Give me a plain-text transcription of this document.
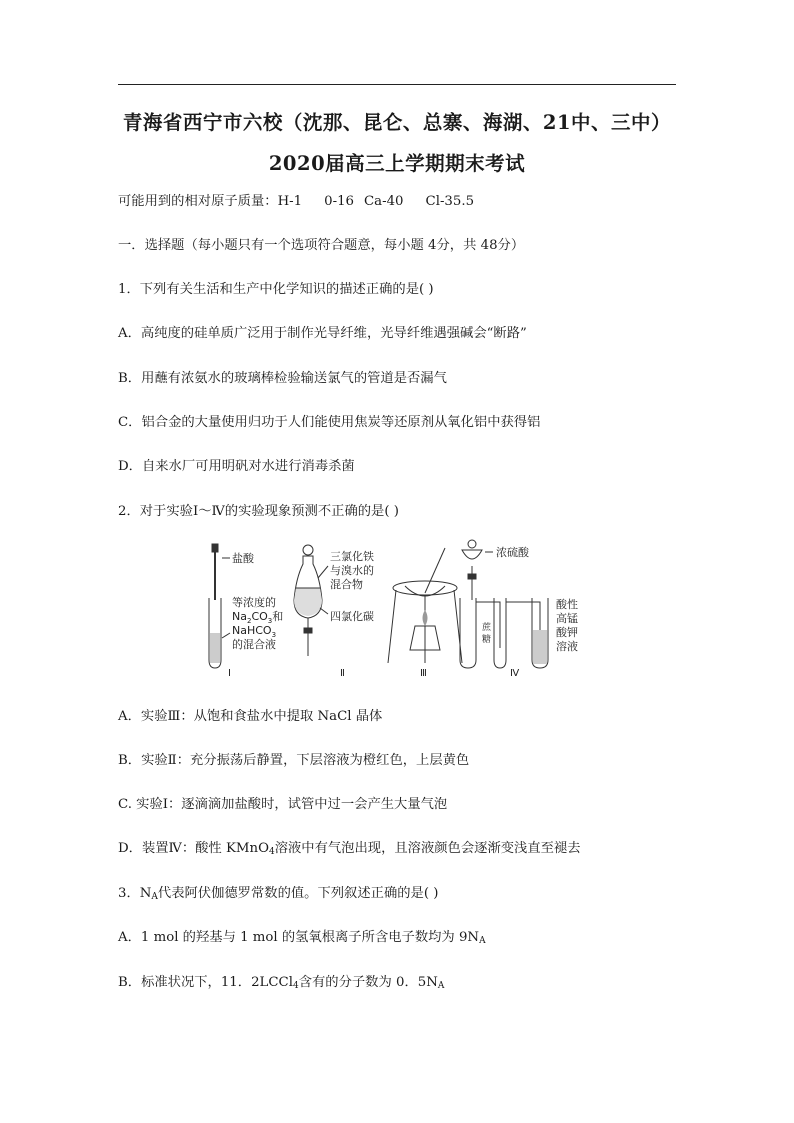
青海省西宁市六校（沈那、昆仑、总寨、海湖、21中、三中）
2020届高三上学期期末考试
可能用到的相对原子质量：H-1 0-16 Ca-40 Cl-35.5
一．选择题（每小题只有一个选项符合题意，每小题 4分，共 48分）
1．下列有关生活和生产中化学知识的描述正确的是( )
A．高纯度的硅单质广泛用于制作光导纤维，光导纤维遇强碱会“断路”
B．用蘸有浓氨水的玻璃棒检验输送氯气的管道是否漏气
C．铝合金的大量使用归功于人们能使用焦炭等还原剂从氧化铝中获得铝
D．自来水厂可用明矾对水进行消毒杀菌
2．对于实验Ⅰ～Ⅳ的实验现象预测不正确的是( )
盐酸
等浓度的
$Na_2CO_3$和
NaHCO$_3$
的混合液
三氯化铁
与溴水的
混合物
四氯化碳
浓硫酸
蔗
糖
酸性
高锰
酸钾
溶液
Ⅰ	Ⅱ	Ⅲ	Ⅳ
A．实验Ⅲ：从饱和食盐水中提取 NaCl 晶体
B．实验Ⅱ：充分振荡后静置，下层溶液为橙红色，上层黄色
C. 实验Ⅰ：逐滴滴加盐酸时，试管中过一会产生大量气泡
D．装置Ⅳ：酸性 KMnO$_4$溶液中有气泡出现，且溶液颜色会逐渐变浅直至褪去
3．$N_A$代表阿伏伽德罗常数的值。下列叙述正确的是( )
A．1 mol 的羟基与 1 mol 的氢氧根离子所含电子数均为 $9N_A$
B．标准状况下，11．2LCCl$_4$含有的分子数为 0．$5N_A$
